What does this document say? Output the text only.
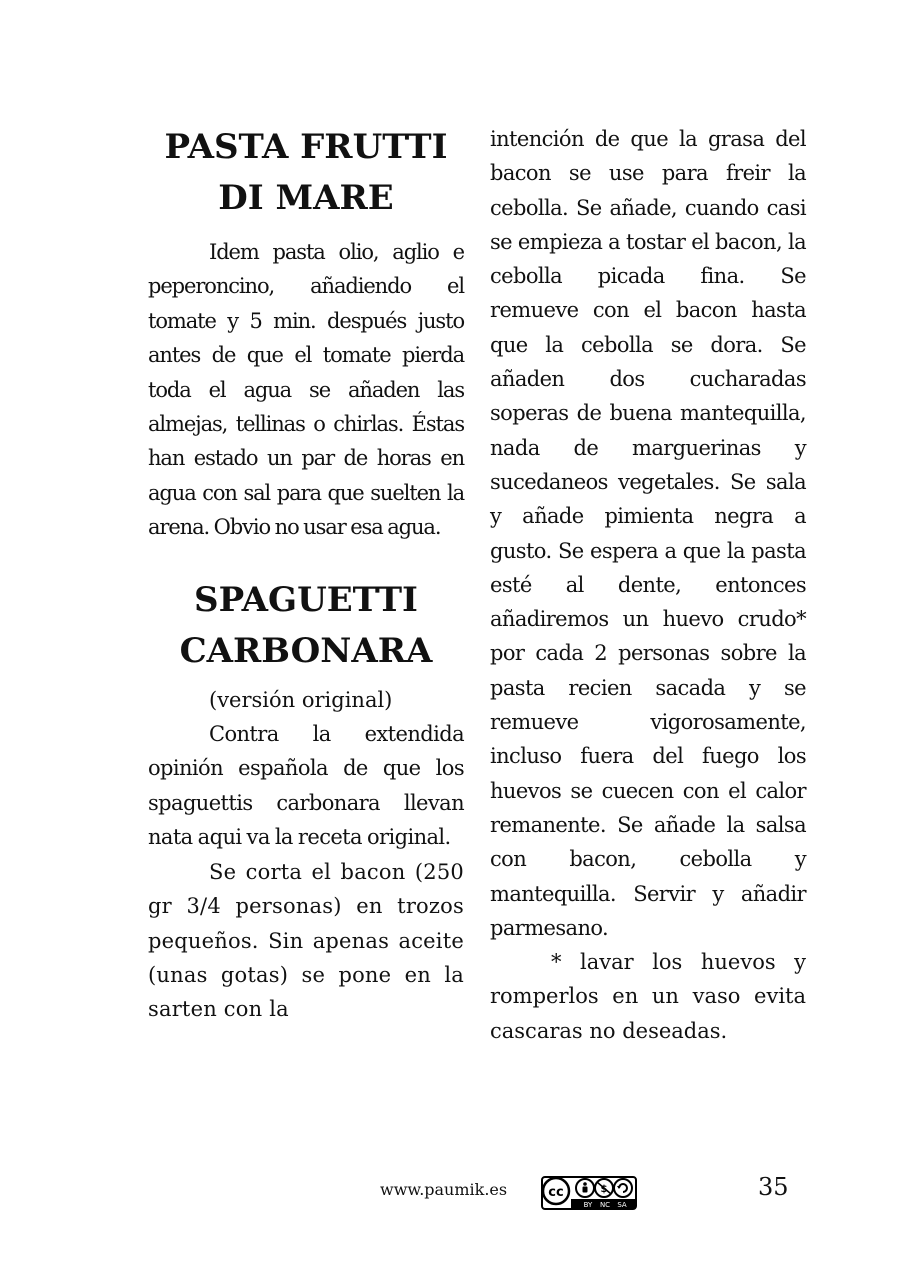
PASTA FRUTTI
DI MARE

Idem pasta olio, aglio e peperoncino, añadiendo el tomate y 5 min. después justo antes de que el tomate pierda toda el agua se añaden las almejas, tellinas o chirlas. Éstas han estado un par de horas en agua con sal para que suelten la arena. Obvio no usar esa agua.

SPAGUETTI
CARBONARA

(versión original)

Contra la extendida opinión española de que los spaguettis carbonara llevan nata aqui va la receta original.

Se corta el bacon (250 gr 3/4 personas) en trozos pequeños. Sin apenas aceite (unas gotas) se pone en la sarten con la

intención de que la grasa del bacon se use para freir la cebolla. Se añade, cuando casi se empieza a tostar el bacon, la cebolla picada fina. Se remueve con el bacon hasta que la cebolla se dora. Se añaden dos cucharadas soperas de buena mantequilla, nada de marguerinas y sucedaneos vegetales. Se sala y añade pimienta negra a gusto. Se espera a que la pasta esté al dente, entonces añadiremos un huevo crudo* por cada 2 personas sobre la pasta recien sacada y se remueve vigorosamente, incluso fuera del fuego los huevos se cuecen con el calor remanente. Se añade la salsa con bacon, cebolla y mantequilla. Servir y añadir parmesano.

* lavar los huevos y romperlos en un vaso evita cascaras no deseadas.

www.paumik.es	cc	$
BY NC SA
35
